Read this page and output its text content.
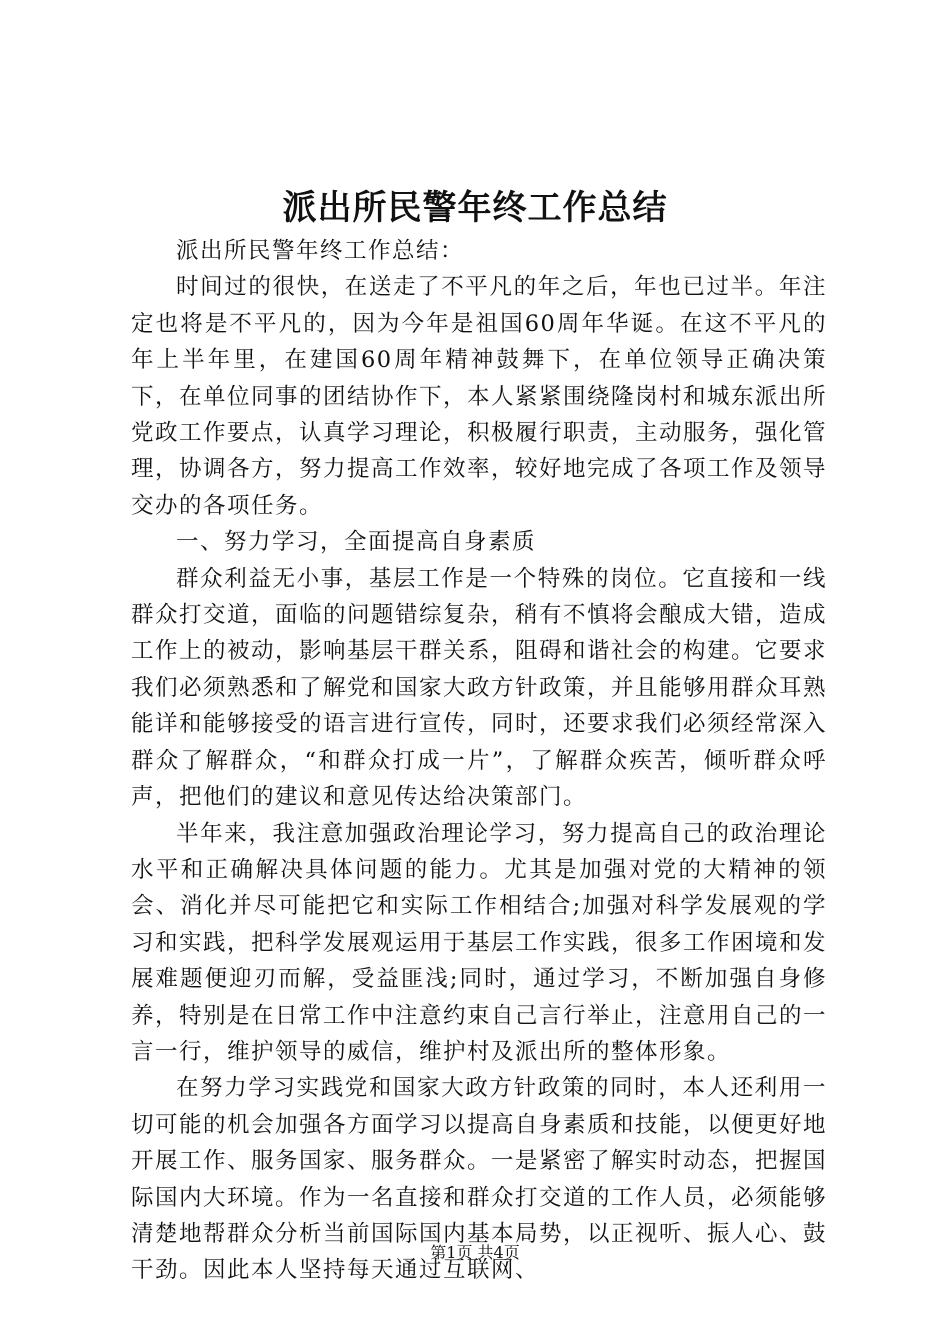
派出所民警年终工作总结

派出所民警年终工作总结：

时间过的很快，在送走了不平凡的年之后，年也已过半。年注定也将是不平凡的，因为今年是祖国60周年华诞。在这不平凡的年上半年里，在建国60周年精神鼓舞下，在单位领导正确决策下，在单位同事的团结协作下，本人紧紧围绕隆岗村和城东派出所党政工作要点，认真学习理论，积极履行职责，主动服务，强化管理，协调各方，努力提高工作效率，较好地完成了各项工作及领导交办的各项任务。

一、努力学习，全面提高自身素质

群众利益无小事，基层工作是一个特殊的岗位。它直接和一线群众打交道，面临的问题错综复杂，稍有不慎将会酿成大错，造成工作上的被动，影响基层干群关系，阻碍和谐社会的构建。它要求我们必须熟悉和了解党和国家大政方针政策，并且能够用群众耳熟能详和能够接受的语言进行宣传，同时，还要求我们必须经常深入群众了解群众，“和群众打成一片”，了解群众疾苦，倾听群众呼声，把他们的建议和意见传达给决策部门。

半年来，我注意加强政治理论学习，努力提高自己的政治理论水平和正确解决具体问题的能力。尤其是加强对党的大精神的领会、消化并尽可能把它和实际工作相结合;加强对科学发展观的学习和实践，把科学发展观运用于基层工作实践，很多工作困境和发展难题便迎刃而解，受益匪浅;同时，通过学习，不断加强自身修养，特别是在日常工作中注意约束自己言行举止，注意用自己的一言一行，维护领导的威信，维护村及派出所的整体形象。

在努力学习实践党和国家大政方针政策的同时，本人还利用一切可能的机会加强各方面学习以提高自身素质和技能，以便更好地开展工作、服务国家、服务群众。一是紧密了解实时动态，把握国际国内大环境。作为一名直接和群众打交道的工作人员，必须能够清楚地帮群众分析当前国际国内基本局势，以正视听、振人心、鼓干劲。因此本人坚持每天通过互联网、

第1页 共4页
